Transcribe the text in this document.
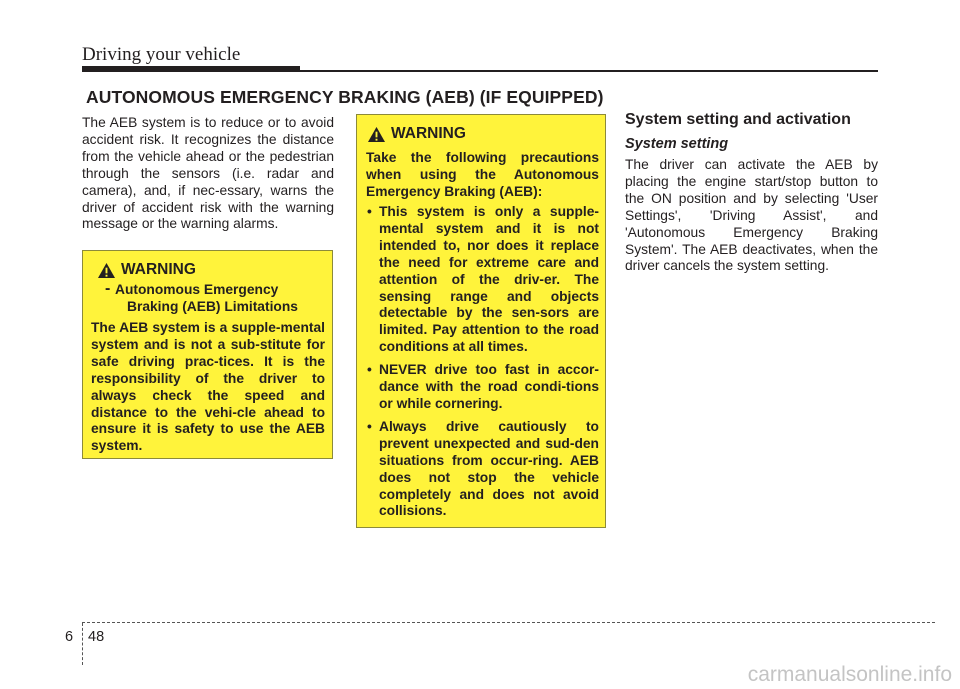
Driving your vehicle
AUTONOMOUS EMERGENCY BRAKING (AEB) (IF EQUIPPED)

The AEB system is to reduce or to avoid accident risk. It recognizes the distance from the vehicle ahead or the pedestrian through the sensors (i.e. radar and camera), and, if nec-essary, warns the driver of accident risk with the warning message or the warning alarms.

WARNING
- Autonomous Emergency
Braking (AEB) Limitations

The AEB system is a supple-mental system and is not a sub-stitute for safe driving prac-tices. It is the responsibility of the driver to always check the speed and distance to the vehi-cle ahead to ensure it is safety to use the AEB system.

WARNING

Take the following precautions when using the Autonomous Emergency Braking (AEB):

• This system is only a supple-mental system and it is not intended to, nor does it replace the need for extreme care and attention of the driv-er. The sensing range and objects detectable by the sen-sors are limited. Pay attention to the road conditions at all times.
• NEVER drive too fast in accor-dance with the road condi-tions or while cornering.
• Always drive cautiously to prevent unexpected and sud-den situations from occur-ring. AEB does not stop the vehicle completely and does not avoid collisions.
System setting and activation
System setting

The driver can activate the AEB by placing the engine start/stop button to the ON position and by selecting 'User Settings', 'Driving Assist', and 'Autonomous Emergency Braking System'. The AEB deactivates, when the driver cancels the system setting.

6 48
carmanualsonline.info
